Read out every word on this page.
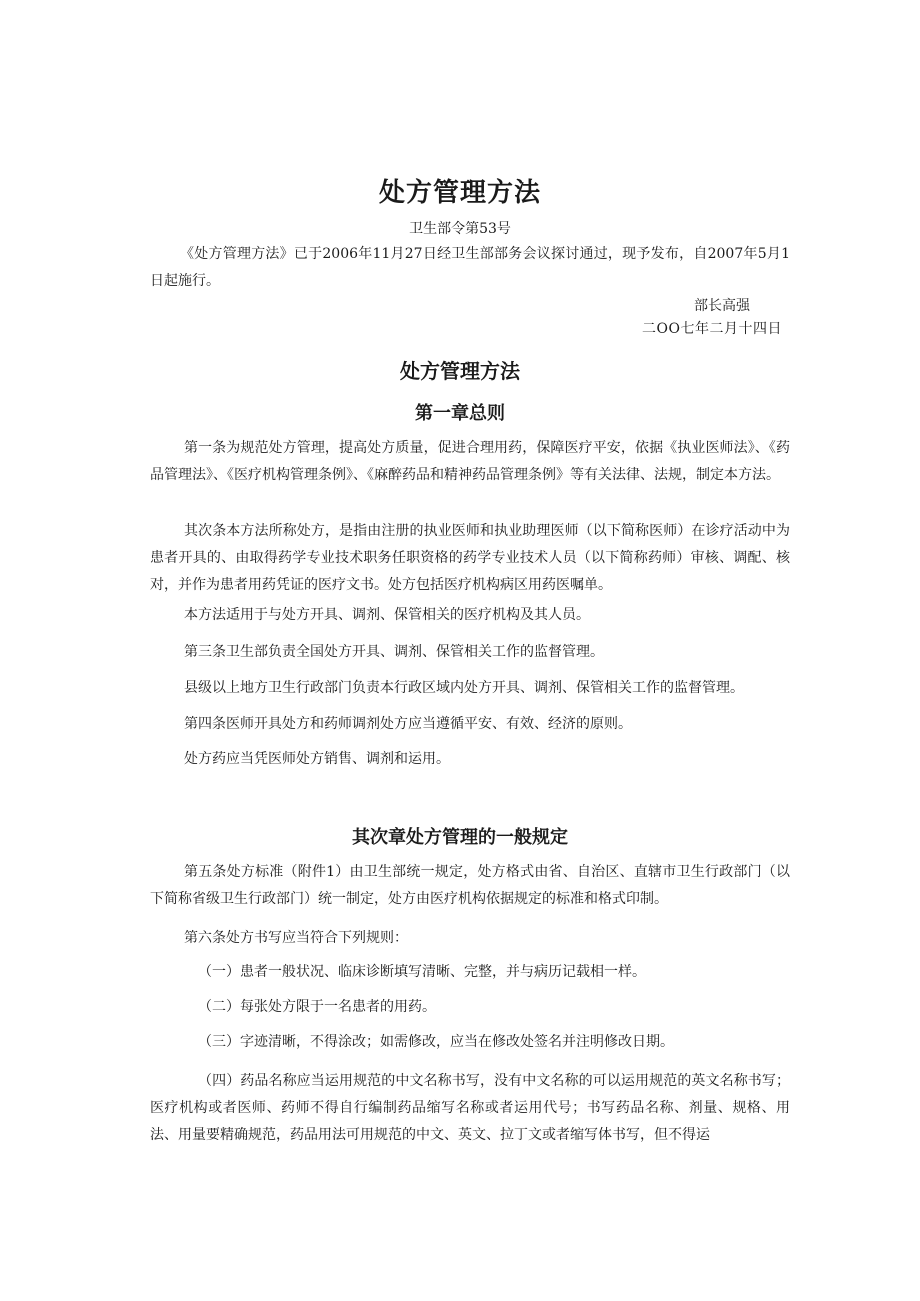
处方管理方法

卫生部令第53号

《处方管理方法》已于2006年11月27日经卫生部部务会议探讨通过，现予发布，自2007年5月1日起施行。

部长高强

二OO七年二月十四日

处方管理方法
第一章总则

第一条为规范处方管理，提高处方质量，促进合理用药，保障医疗平安，依据《执业医师法》、《药品管理法》、《医疗机构管理条例》、《麻醉药品和精神药品管理条例》等有关法律、法规，制定本方法。

其次条本方法所称处方，是指由注册的执业医师和执业助理医师（以下简称医师）在诊疗活动中为患者开具的、由取得药学专业技术职务任职资格的药学专业技术人员（以下简称药师）审核、调配、核对，并作为患者用药凭证的医疗文书。处方包括医疗机构病区用药医嘱单。

本方法适用于与处方开具、调剂、保管相关的医疗机构及其人员。

第三条卫生部负责全国处方开具、调剂、保管相关工作的监督管理。

县级以上地方卫生行政部门负责本行政区域内处方开具、调剂、保管相关工作的监督管理。

第四条医师开具处方和药师调剂处方应当遵循平安、有效、经济的原则。

处方药应当凭医师处方销售、调剂和运用。

其次章处方管理的一般规定

第五条处方标准（附件1）由卫生部统一规定，处方格式由省、自治区、直辖市卫生行政部门（以下简称省级卫生行政部门）统一制定，处方由医疗机构依据规定的标准和格式印制。

第六条处方书写应当符合下列规则：

（一）患者一般状况、临床诊断填写清晰、完整，并与病历记载相一样。

（二）每张处方限于一名患者的用药。

（三）字迹清晰，不得涂改；如需修改，应当在修改处签名并注明修改日期。

（四）药品名称应当运用规范的中文名称书写，没有中文名称的可以运用规范的英文名称书写；医疗机构或者医师、药师不得自行编制药品缩写名称或者运用代号；书写药品名称、剂量、规格、用法、用量要精确规范，药品用法可用规范的中文、英文、拉丁文或者缩写体书写，但不得运
